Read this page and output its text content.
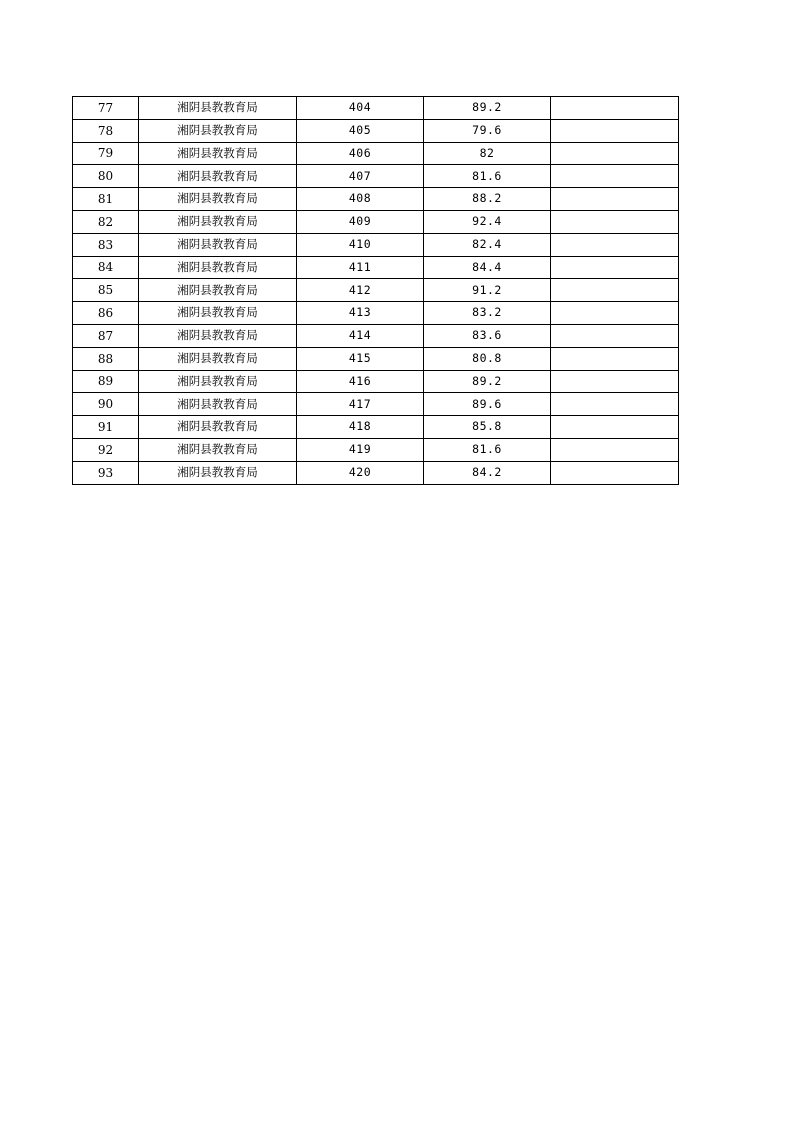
77	湘阴县教教育局	404	89.2	
78	湘阴县教教育局	405	79.6	
79	湘阴县教教育局	406	82	
80	湘阴县教教育局	407	81.6	
81	湘阴县教教育局	408	88.2	
82	湘阴县教教育局	409	92.4	
83	湘阴县教教育局	410	82.4	
84	湘阴县教教育局	411	84.4	
85	湘阴县教教育局	412	91.2	
86	湘阴县教教育局	413	83.2	
87	湘阴县教教育局	414	83.6	
88	湘阴县教教育局	415	80.8	
89	湘阴县教教育局	416	89.2	
90	湘阴县教教育局	417	89.6	
91	湘阴县教教育局	418	85.8	
92	湘阴县教教育局	419	81.6	
93	湘阴县教教育局	420	84.2	
